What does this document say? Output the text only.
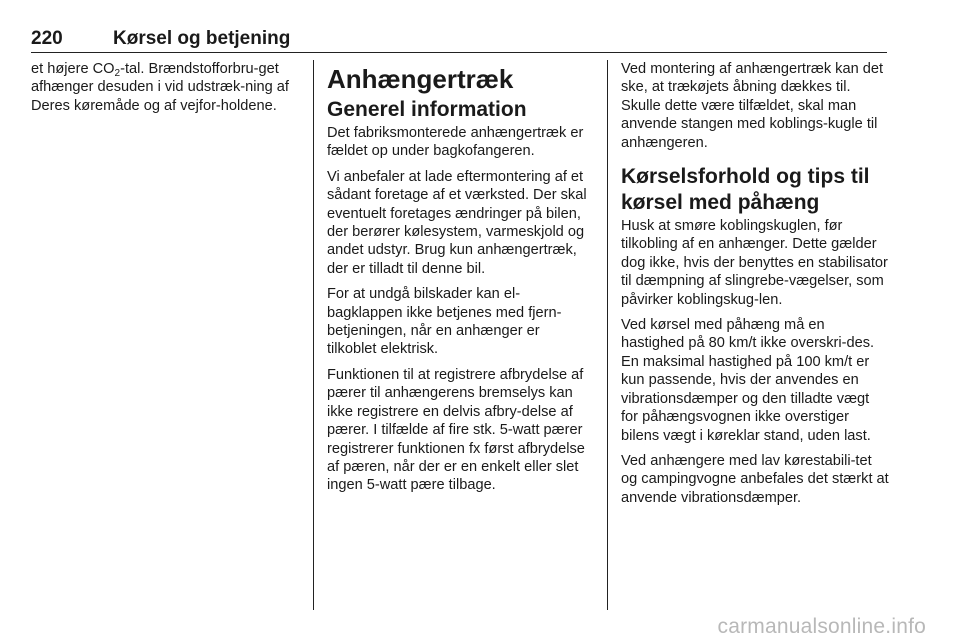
220	Kørsel og betjening

et højere $CO_2$-tal. Brændstofforbru-get afhænger desuden i vid udstræk-ning af Deres køremåde og af vejfor-holdene.

Anhængertræk
Generel information

Det fabriksmonterede anhængertræk er fældet op under bagkofangeren.

Vi anbefaler at lade eftermontering af et sådant foretage af et værksted. Der skal eventuelt foretages ændringer på bilen, der berører kølesystem, varmeskjold og andet udstyr. Brug kun anhængertræk, der er tilladt til denne bil.

For at undgå bilskader kan el-bagklappen ikke betjenes med fjern-betjeningen, når en anhænger er tilkoblet elektrisk.

Funktionen til at registrere afbrydelse af pærer til anhængerens bremselys kan ikke registrere en delvis afbry-delse af pærer. I tilfælde af fire stk. 5-watt pærer registrerer funktionen fx først afbrydelse af pæren, når der er en enkelt eller slet ingen 5-watt pære tilbage.

Ved montering af anhængertræk kan det ske, at trækøjets åbning dækkes til. Skulle dette være tilfældet, skal man anvende stangen med koblings-kugle til anhængeren.

Kørselsforhold og tips til kørsel med påhæng

Husk at smøre koblingskuglen, før tilkobling af en anhænger. Dette gælder dog ikke, hvis der benyttes en stabilisator til dæmpning af slingrebe-vægelser, som påvirker koblingskug-len.

Ved kørsel med påhæng må en hastighed på 80 km/t ikke overskri-des. En maksimal hastighed på 100 km/t er kun passende, hvis der anvendes en vibrationsdæmper og den tilladte vægt for påhængsvognen ikke overstiger bilens vægt i køreklar stand, uden last.

Ved anhængere med lav kørestabili-tet og campingvogne anbefales det stærkt at anvende vibrationsdæmper.

carmanualsonline.info
